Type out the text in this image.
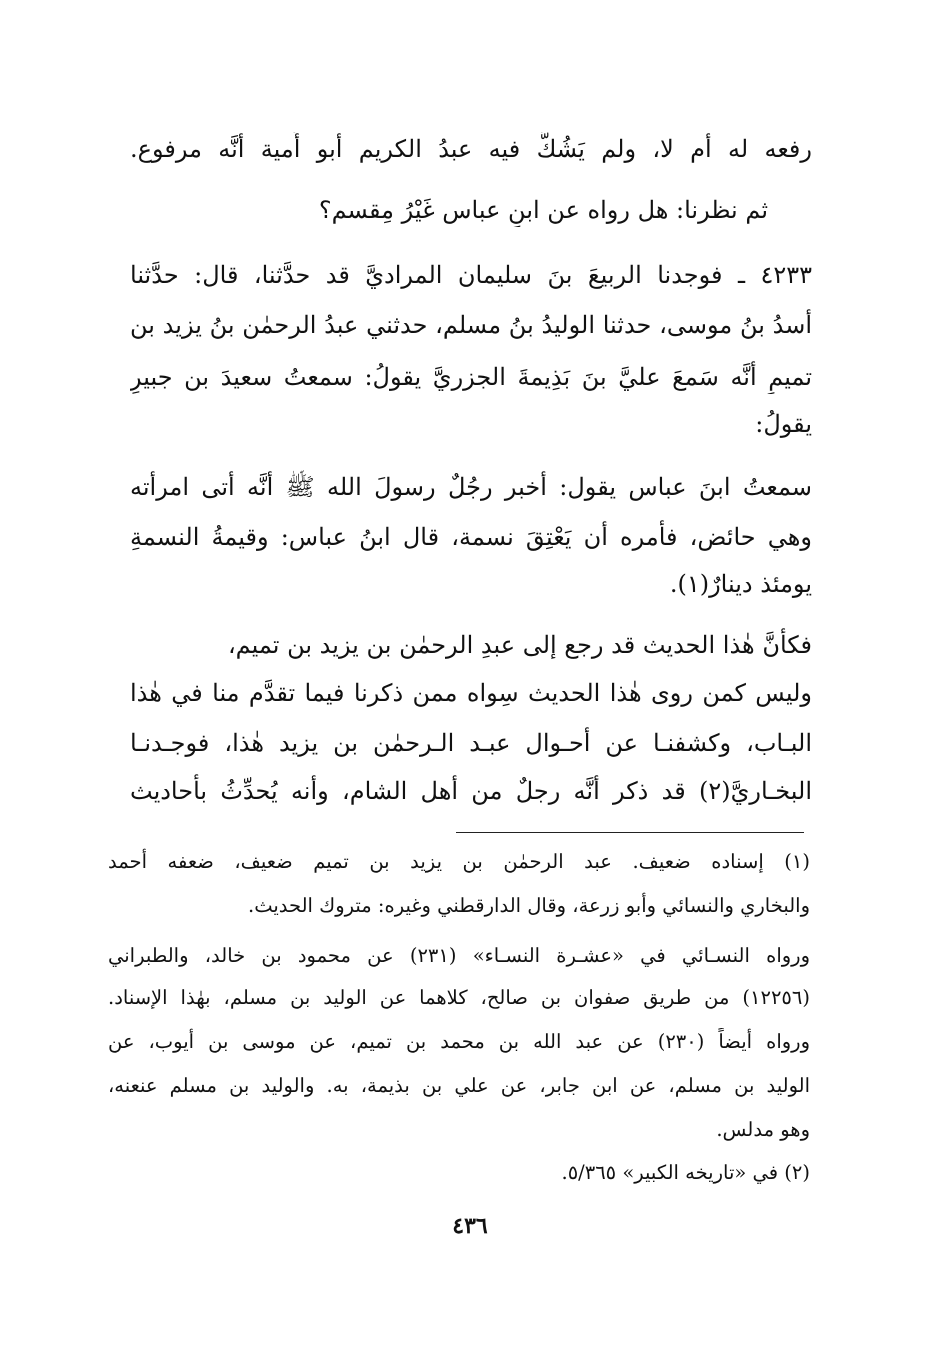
رفعه له أم لا، ولم يَشُكَّ فيه عبدُ الكريم أبو أُمية أنَّه مرفوع.
ثم نظرنا: هل رواه عن ابنِ عباس غَيْرُ مِقسم؟
٤٢٣٣ ـ فوجدنا الربيعَ بنَ سليمان المراديَّ قد حدَّثنا، قال: حدَّثنا
أسدُ بنُ موسى، حدثنا الوليدُ بنُ مسلم، حدثني عبدُ الرحمٰن بنُ يزيد بن
تميمٍ أنَّه سَمعَ عليَّ بنَ بَذِيمةَ الجزريَّ يقولُ: سمعتُ سعيدَ بن جبيرٍ
يقولُ:
سمعتُ ابنَ عباس يقول: أخبر رجُلٌ رسولَ الله ﷺ أنَّه أتى امرأته
وهي حائض، فأمره أن يَعْتِقَ نسمة، قال ابنُ عباس: وقيمةُ النسمةِ
يومئذ دينارٌ(١).
فكأنَّ هٰذا الحديث قد رجع إلى عبدِ الرحمٰن بن يزيد بن تميم،
وليس كمن روى هٰذا الحديث سِواه ممن ذكرنا فيما تقدَّم منا في هٰذا
البـاب، وكشفنـا عن أحـوال عبـد الـرحمٰن بن يزيد هٰذا، فوجـدنـا
البخـاريَّ(٢) قد ذكر أنَّه رجلٌ من أهل الشام، وأنه يُحدِّثُ بأحاديث
(١) إسناده ضعيف. عبد الرحمٰن بن يزيد بن تميم ضعيف، ضعفه أحمد
والبخاري والنسائي وأبو زرعة، وقال الدارقطني وغيره: متروك الحديث.
ورواه النسـائي في «عشـرة النسـاء» (٢٣١) عن محمود بن خالد، والطبراني
(١٢٢٥٦) من طريق صفوان بن صالح، كلاهما عن الوليد بن مسلم، بهٰذا الإسناد.
ورواه أيضاً (٢٣٠) عن عبد الله بن محمد بن تميم، عن موسى بن أيوب، عن
الوليد بن مسلم، عن ابن جابر، عن علي بن بذيمة، به. والوليد بن مسلم عنعنه،
وهو مدلس.
(٢) في «تاريخه الكبير» ٥/٣٦٥.
٤٣٦
